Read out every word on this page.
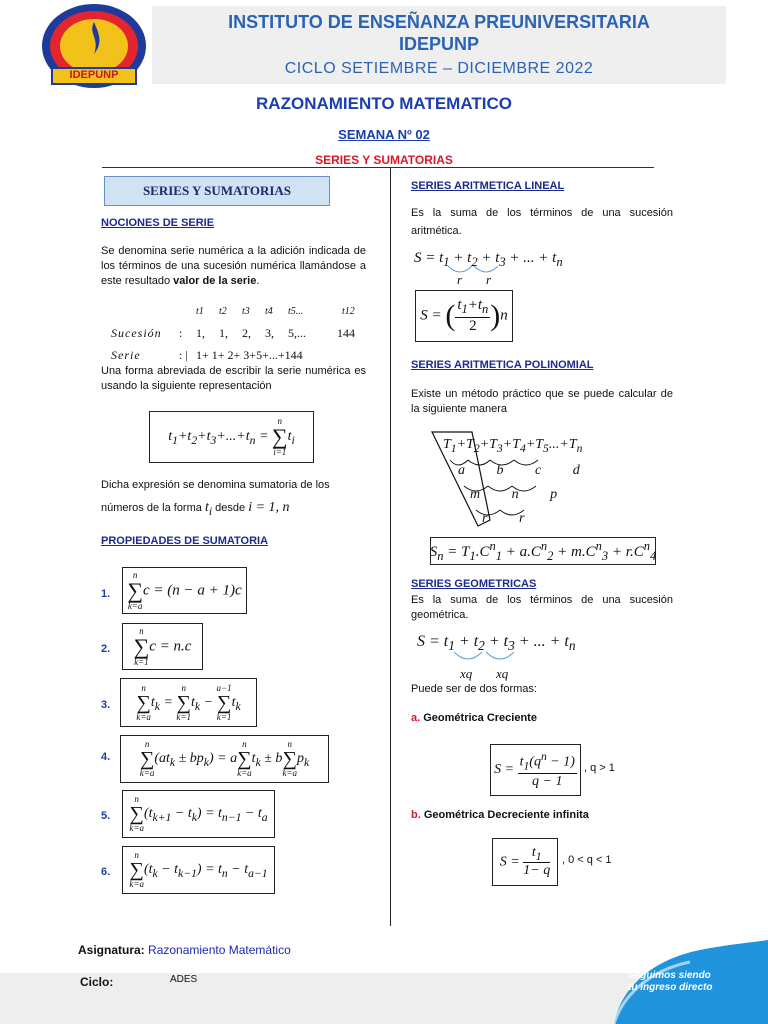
IDEPUNP
INSTITUTO DE ENSEÑANZA PREUNIVERSITARIA
IDEPUNP
CICLO SETIEMBRE – DICIEMBRE 2022
RAZONAMIENTO MATEMATICO
SEMANA Nº 02
SERIES Y SUMATORIAS
SERIES Y SUMATORIAS
NOCIONES DE SERIE
Se denomina serie numérica a la adición indicada de los términos de una sucesión numérica llamándose a este resultado valor de la serie.
t1 t2 t3 t4 t5...	t12
Sucesión : 1, 1, 2, 3, 5,...	144
Serie	: | 1+ 1+ 2+ 3+5+...+144
Una forma abreviada de escribir la serie numérica es usando la siguiente representación
$t_1+t_2+t_3+...+t_n = n$
∑
$i=1t_i$
Dicha expresión se denomina sumatoria de los
números de la forma $t_i$ desde i = 1, n
PROPIEDADES DE SUMATORIA
1.
n
∑
k=ac = (n − a + 1)c
2.
n
∑
k=1c = n.c
3.
n
∑
$k=at_k = n$
∑
$k=1t_k - a-1$
∑
$k=1t_k$
4.
n
∑
$k=a(at_k \pm bp_k)$ = an
∑
$k=at_k$ ± bn
∑
$k=ap_k$
5.
n
∑
$k=a(t_{k+1} - t_k) = t_{n-1} - t_a$
6.
n
∑
$k=a(t_k - t_{k-1}) = t_n - t_{a-1}$
SERIES ARITMETICA LINEAL
Es la suma de los términos de una sucesión aritmética.
$S = t_1 + t_2 + t_3$ + ... + $t_n$
r r
S = ( $\frac{t_1+t_n}{2} )n$
SERIES ARITMETICA POLINOMIAL
Existe un método práctico que se puede calcular de la siguiente manera
$T_1+T_2+T_3+T_4+T_5...+T_n$
a b c d
m n p
r r
$S_n = T_1.C^n_1 + a.C^n_2 + m.C^n_3 + r.C^n_4$
SERIES GEOMETRICAS
Es la suma de los términos de una sucesión geométrica.
$S = t_1 + t_2 + t_3$ + ... + $t_n$
xq xq
Puede ser de dos formas:
a. Geométrica Creciente
$S = \frac{t_1(q^n - 1)}{q - 1}$ , q > 1
b. Geométrica Decreciente infinita
$S = \frac{t_1}{1- q}$ , 0 < q < 1
Asignatura: Razonamiento Matemático
Ciclo:	ADES	Seguimos siendo
tu ingreso directo
